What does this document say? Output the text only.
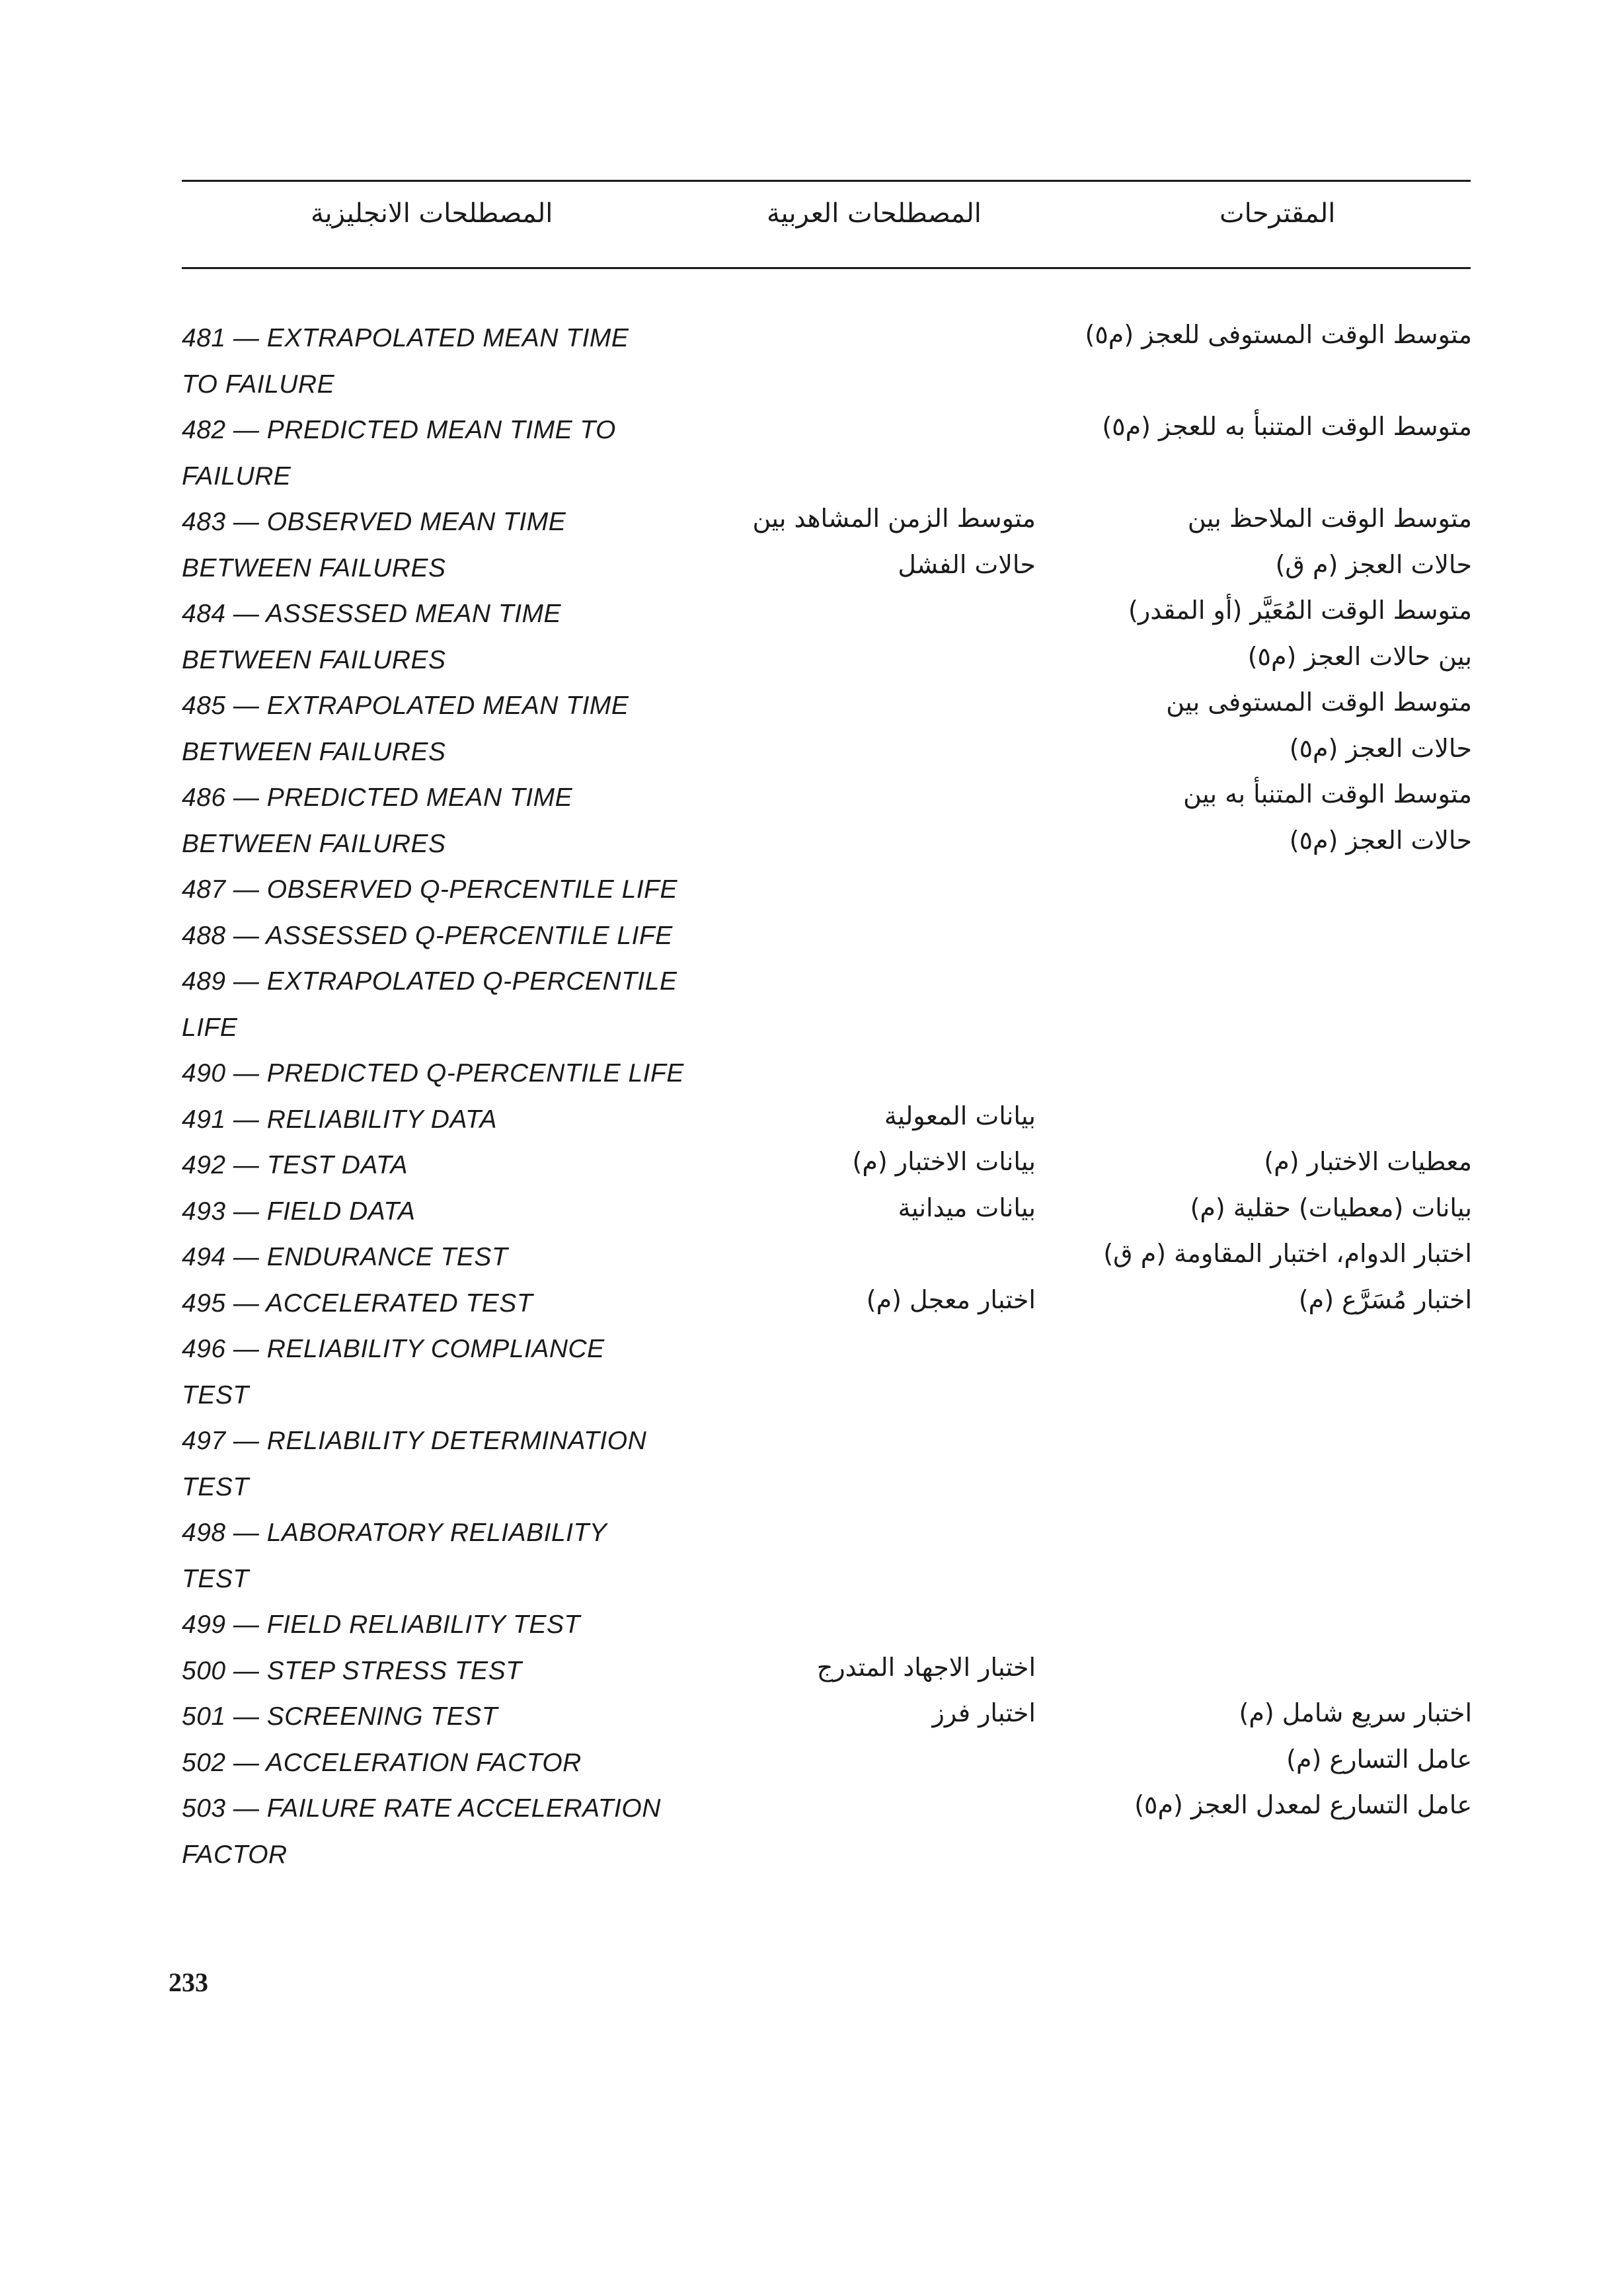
المصطلحات الانجليزية	المصطلحات العربية	المقترحات
481 — EXTRAPOLATED MEAN TIME
TO FAILURE
482 — PREDICTED MEAN TIME TO
FAILURE
483 — OBSERVED MEAN TIME
BETWEEN FAILURES
484 — ASSESSED MEAN TIME
BETWEEN FAILURES
485 — EXTRAPOLATED MEAN TIME
BETWEEN FAILURES
486 — PREDICTED MEAN TIME
BETWEEN FAILURES
487 — OBSERVED Q-PERCENTILE LIFE
488 — ASSESSED Q-PERCENTILE LIFE
489 — EXTRAPOLATED Q-PERCENTILE
LIFE
490 — PREDICTED Q-PERCENTILE LIFE
491 — RELIABILITY DATA
492 — TEST DATA
493 — FIELD DATA
494 — ENDURANCE TEST
495 — ACCELERATED TEST
496 — RELIABILITY COMPLIANCE
TEST
497 — RELIABILITY DETERMINATION
TEST
498 — LABORATORY RELIABILITY
TEST
499 — FIELD RELIABILITY TEST
500 — STEP STRESS TEST
501 — SCREENING TEST
502 — ACCELERATION FACTOR
503 — FAILURE RATE ACCELERATION
FACTOR
متوسط الزمن المشاهد بين
حالات الفشل
بيانات المعولية
بيانات الاختبار (م)
بيانات ميدانية
اختبار معجل (م)
اختبار الاجهاد المتدرج
اختبار فرز
متوسط الوقت المستوفى للعجز (م٥)
متوسط الوقت المتنبأ به للعجز (م٥)
متوسط الوقت الملاحظ بين
حالات العجز (م ق)
متوسط الوقت المُعَيَّر (أو المقدر)
بين حالات العجز (م٥)
متوسط الوقت المستوفى بين
حالات العجز (م٥)
متوسط الوقت المتنبأ به بين
حالات العجز (م٥)
معطيات الاختبار (م)
بيانات (معطيات) حقلية (م)
اختبار الدوام، اختبار المقاومة (م ق)
اختبار مُسَرَّع (م)
اختبار سريع شامل (م)
عامل التسارع (م)
عامل التسارع لمعدل العجز (م٥)
233
